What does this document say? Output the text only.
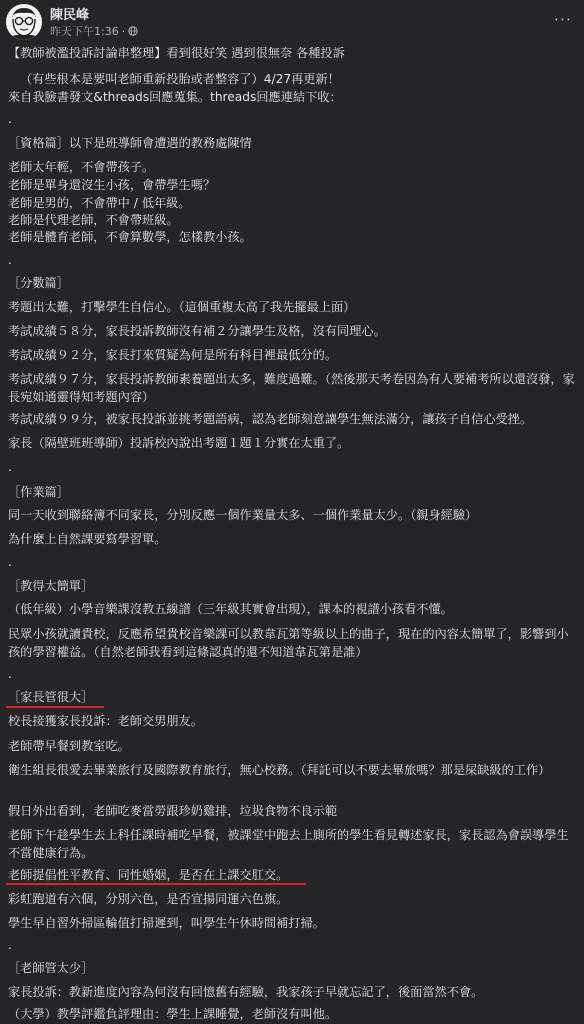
陳民峰
昨天下午1:36 ·
···
【教師被濫投訴討論串整理】看到很好笑 遇到很無奈 各種投訴
（有些根本是要叫老師重新投胎或者整容了）4/27再更新！
來自我臉書發文&threads回應蒐集。threads回應連結下收：
.
［資格篇］以下是班導師會遭遇的教務處陳情
老師太年輕，不會帶孩子。
老師是單身還沒生小孩，會帶學生嗎？
老師是男的，不會帶中 / 低年級。
老師是代理老師，不會帶班級。
老師是體育老師，不會算數學，怎樣教小孩。
.
［分數篇］
考題出太難，打擊學生自信心。（這個重複太高了我先擺最上面）
考試成績５８分，家長投訴教師沒有補２分讓學生及格，沒有同理心。
考試成績９２分，家長打來質疑為何是所有科目裡最低分的。
考試成績９７分，家長投訴教師素養題出太多，難度過難。（然後那天考卷因為有人要補考所以還沒發，家長宛如通靈得知考題內容）
考試成績９９分，被家長投訴並挑考題語病，認為老師刻意讓學生無法滿分，讓孩子自信心受挫。
家長（隔壁班班導師）投訴校內說出考題１題１分實在太重了。
.
［作業篇］
同一天收到聯絡簿不同家長，分別反應一個作業量太多、一個作業量太少。（親身經驗）
為什麼上自然課要寫學習單。
.
［教得太簡單］
（低年級）小學音樂課沒教五線譜（三年級其實會出現），課本的視譜小孩看不懂。
民眾小孩就讀貴校，反應希望貴校音樂課可以教韋瓦第等級以上的曲子，現在的內容太簡單了，影響到小孩的學習權益。（自然老師我看到這條認真的還不知道韋瓦第是誰）
.
［家長管很大］
校長接獲家長投訴：老師交男朋友。
老師帶早餐到教室吃。
衛生組長很愛去畢業旅行及國際教育旅行，無心校務。（拜託可以不要去畢旅嗎？那是屎缺級的工作）
假日外出看到，老師吃麥當勞跟珍奶雞排，垃圾食物不良示範
老師下午趁學生去上科任課時補吃早餐，被課堂中跑去上廁所的學生看見轉述家長，家長認為會誤導學生不當健康行為。
老師提倡性平教育、同性婚姻，是否在上課交肛交。
彩虹跑道有六個，分別六色，是否宣揚同運六色旗。
學生早自習外掃區輪值打掃遲到，叫學生午休時間補打掃。
.
［老師管太少］
家長投訴：教新進度內容為何沒有回憶舊有經驗，我家孩子早就忘記了，後面當然不會。
（大學）教學評鑑負評理由：學生上課睡覺，老師沒有叫他。
